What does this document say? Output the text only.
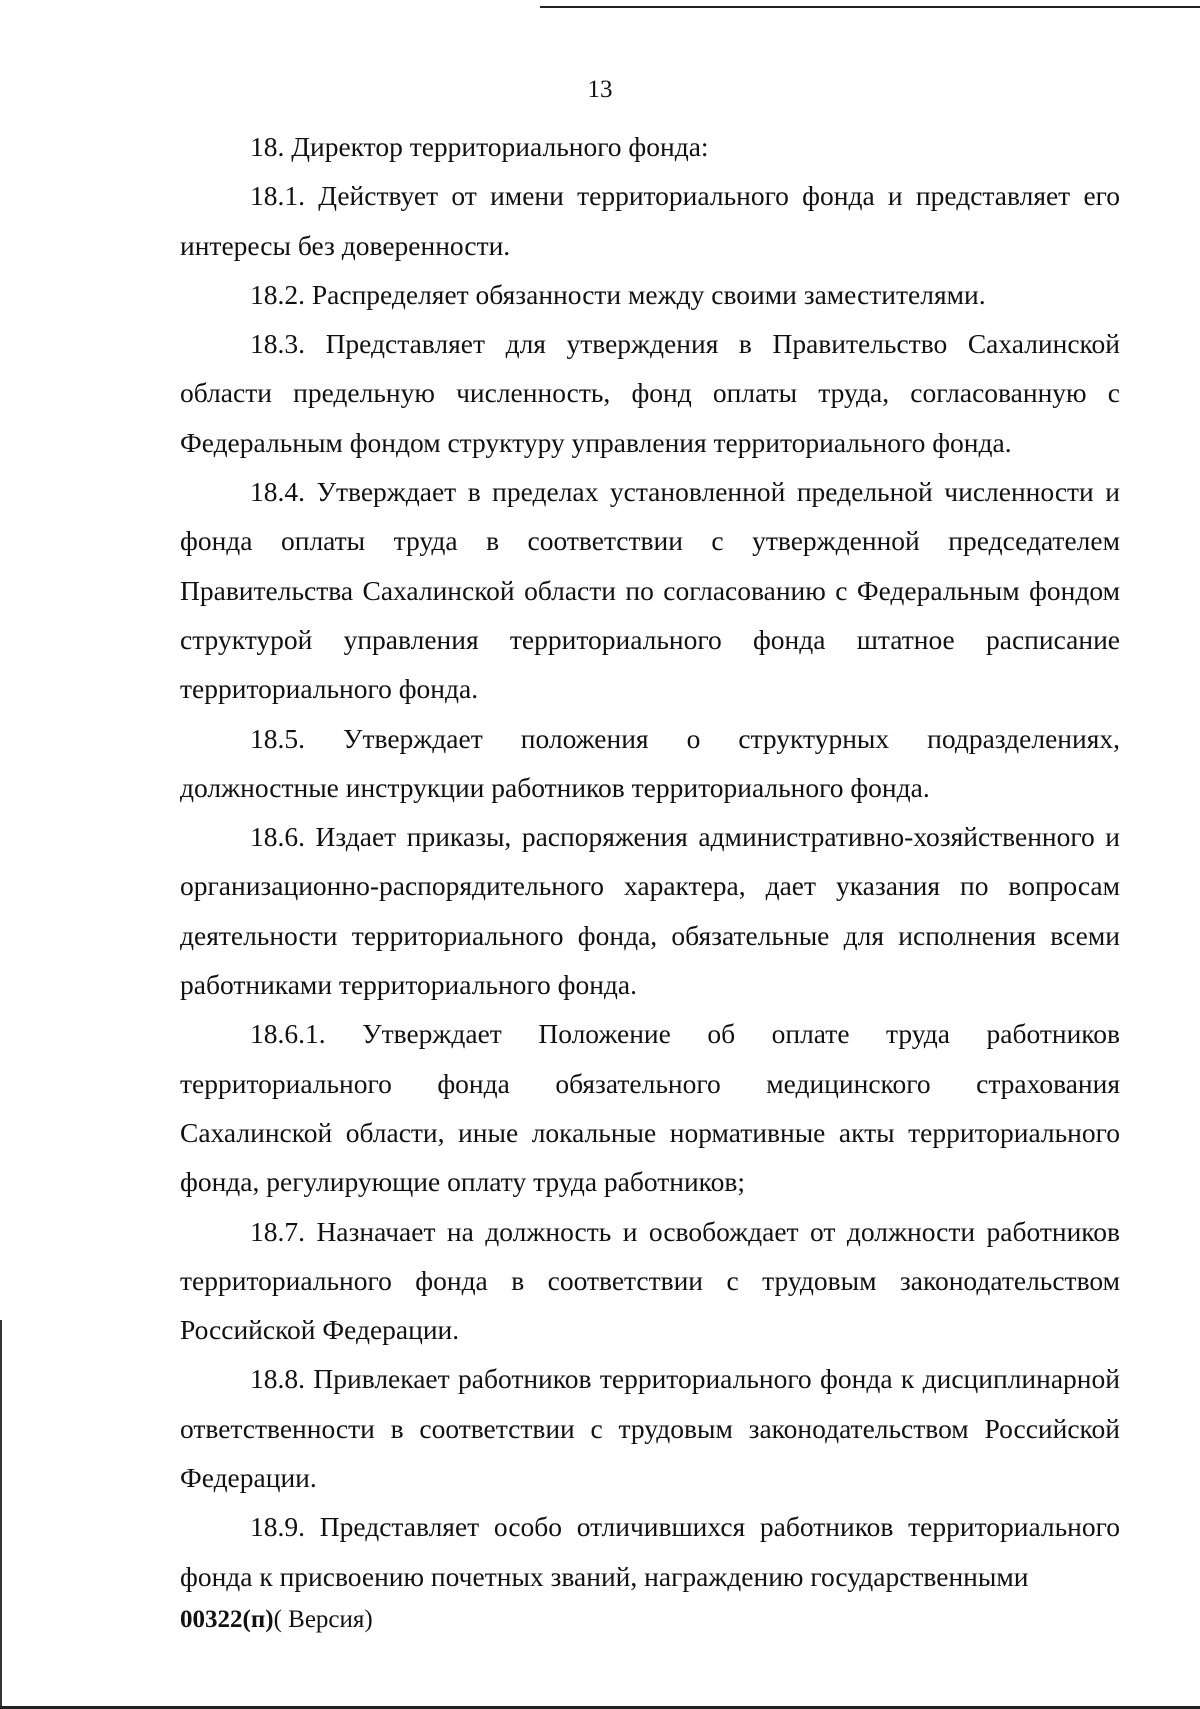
13

18. Директор территориального фонда:

18.1. Действует от имени территориального фонда и представляет его интересы без доверенности.

18.2. Распределяет обязанности между своими заместителями.

18.3. Представляет для утверждения в Правительство Сахалинской области предельную численность, фонд оплаты труда, согласованную с Федеральным фондом структуру управления территориального фонда.

18.4. Утверждает в пределах установленной предельной численности и фонда оплаты труда в соответствии с утвержденной председателем Правительства Сахалинской области по согласованию с Федеральным фондом структурой управления территориального фонда штатное расписание территориального фонда.

18.5. Утверждает положения о структурных подразделениях, должностные инструкции работников территориального фонда.

18.6. Издает приказы, распоряжения административно-хозяйственного и организационно-распорядительного характера, дает указания по вопросам деятельности территориального фонда, обязательные для исполнения всеми работниками территориального фонда.

18.6.1. Утверждает Положение об оплате труда работников территориального фонда обязательного медицинского страхования Сахалинской области, иные локальные нормативные акты территориального фонда, регулирующие оплату труда работников;

18.7. Назначает на должность и освобождает от должности работников территориального фонда в соответствии с трудовым законодательством Российской Федерации.

18.8. Привлекает работников территориального фонда к дисциплинарной ответственности в соответствии с трудовым законодательством Российской Федерации.

18.9. Представляет особо отличившихся работников территориального фонда к присвоению почетных званий, награждению государственными

00322(п)( Версия)
